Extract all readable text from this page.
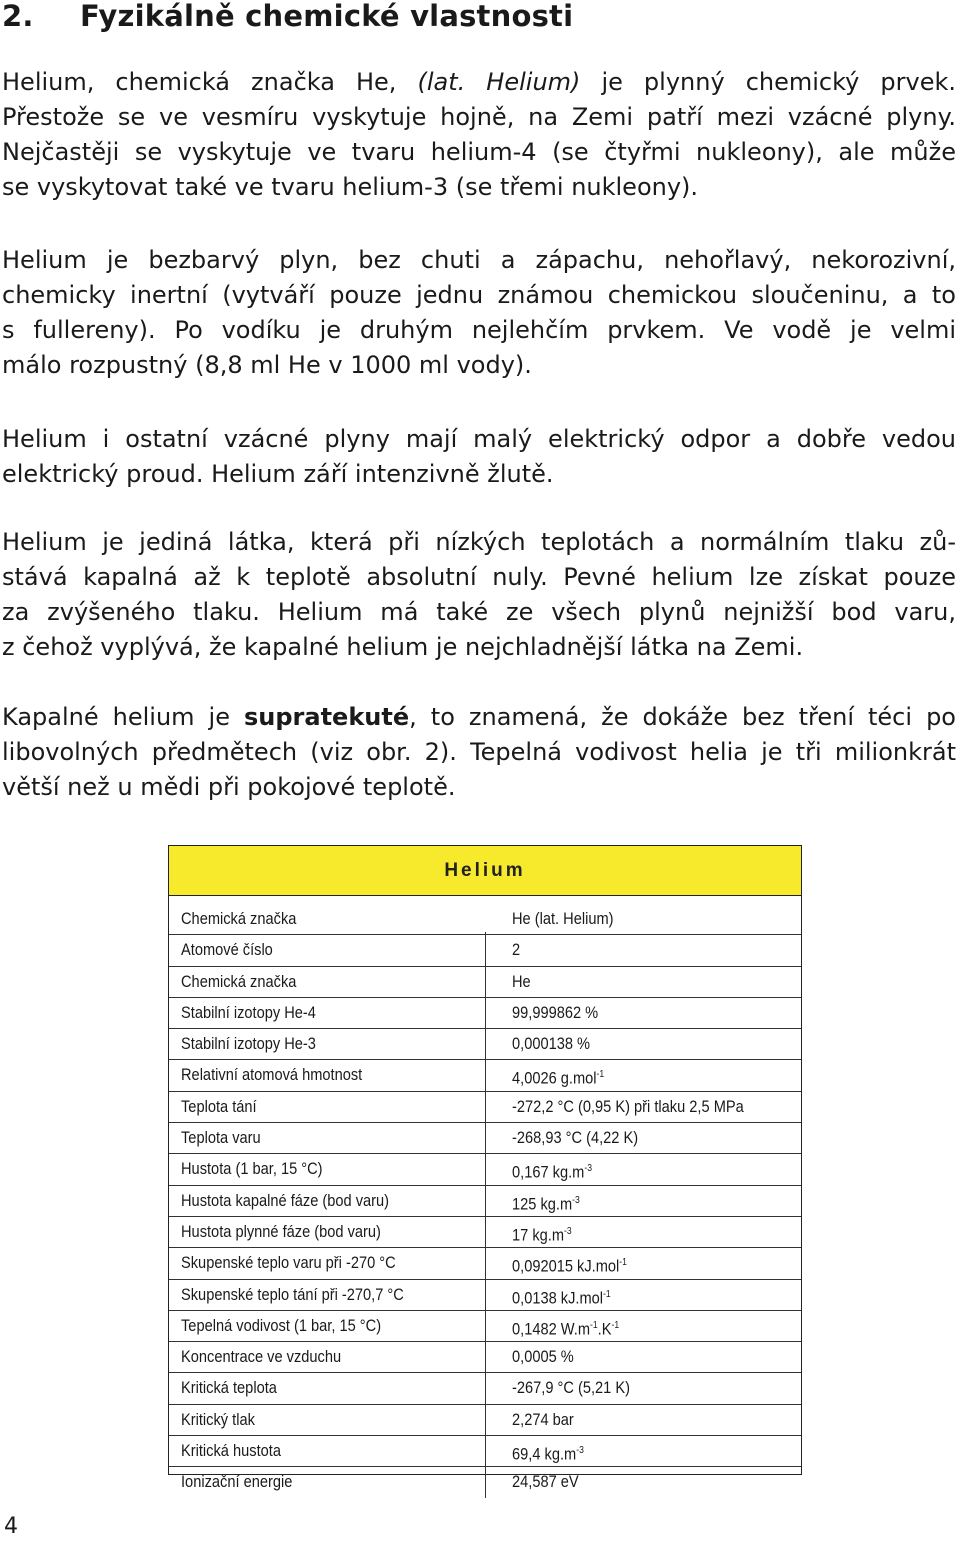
2. Fyzikálně chemické vlastnosti
Helium, chemická značka He, (lat. Helium) je plynný chemický prvek.
Přestože se ve vesmíru vyskytuje hojně, na Zemi patří mezi vzácné plyny.
Nejčastěji se vyskytuje ve tvaru helium-4 (se čtyřmi nukleony), ale může
se vyskytovat také ve tvaru helium-3 (se třemi nukleony).
Helium je bezbarvý plyn, bez chuti a zápachu, nehořlavý, nekorozivní,
chemicky inertní (vytváří pouze jednu známou chemickou sloučeninu, a to
s fullereny). Po vodíku je druhým nejlehčím prvkem. Ve vodě je velmi
málo rozpustný (8,8 ml He v 1000 ml vody).
Helium i ostatní vzácné plyny mají malý elektrický odpor a dobře vedou
elektrický proud. Helium září intenzivně žlutě.
Helium je jediná látka, která při nízkých teplotách a normálním tlaku zů-
stává kapalná až k teplotě absolutní nuly. Pevné helium lze získat pouze
za zvýšeného tlaku. Helium má také ze všech plynů nejnižší bod varu,
z čehož vyplývá, že kapalné helium je nejchladnější látka na Zemi.
Kapalné helium je supratekuté, to znamená, že dokáže bez tření téci po
libovolných předmětech (viz obr. 2). Tepelná vodivost helia je tři milionkrát
větší než u mědi při pokojové teplotě.
Helium
Chemická značka	He (lat. Helium)
Atomové číslo	2
Chemická značka	He
Stabilní izotopy He-4	99,999862 %
Stabilní izotopy He-3	0,000138 %
Relativní atomová hmotnost	4,0026 g.mol$^{-1}$
Teplota tání	-272,2 °C (0,95 K) při tlaku 2,5 MPa
Teplota varu	-268,93 °C (4,22 K)
Hustota (1 bar, 15 °C)	0,167 $kg.m^{-3}$
Hustota kapalné fáze (bod varu)	125 $kg.m^{-3}$
Hustota plynné fáze (bod varu)	17 $kg.m^{-3}$
Skupenské teplo varu při -270 °C	0,092015 kJ.mol$^{-1}$
Skupenské teplo tání při -270,7 °C	0,0138 kJ.mol$^{-1}$
Tepelná vodivost (1 bar, 15 °C)	0,1482 $W.m^{-1}.K^{-1}$
Koncentrace ve vzduchu	0,0005 %
Kritická teplota	-267,9 °C (5,21 K)
Kritický tlak	2,274 bar
Kritická hustota	69,4 $kg.m^{-3}$
Ionizační energie	24,587 eV
4
